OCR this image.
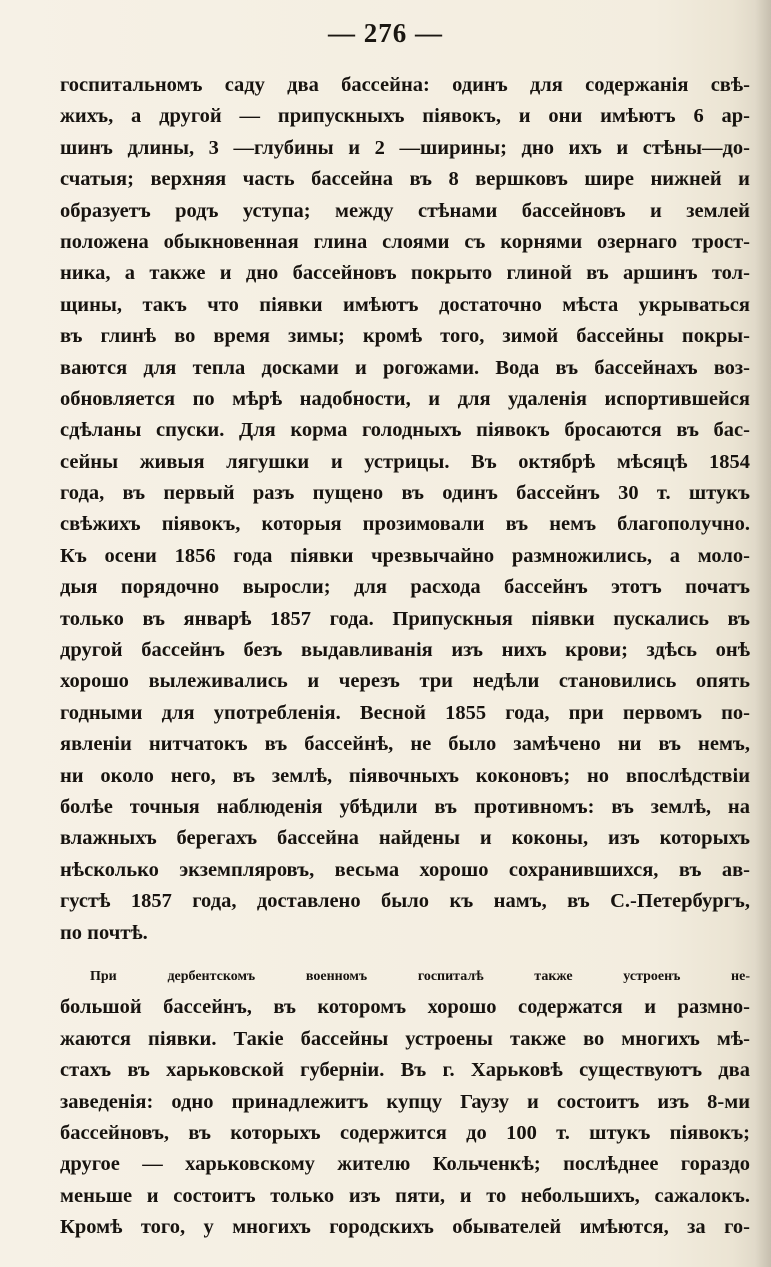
— 276 —
госпитальномъ саду два бассейна: одинъ для содержанія свѣ-
жихъ, а другой — припускныхъ піявокъ, и они имѣютъ 6 ар-
шинъ длины, 3 —глубины и 2 —ширины; дно ихъ и стѣны—до-
счатыя; верхняя часть бассейна въ 8 вершковъ шире нижней и
образуетъ родъ уступа; между стѣнами бассейновъ и землей
положена обыкновенная глина слоями съ корнями озернаго трост-
ника, а также и дно бассейновъ покрыто глиной въ аршинъ тол-
щины, такъ что піявки имѣютъ достаточно мѣста укрываться
въ глинѣ во время зимы; кромѣ того, зимой бассейны покры-
ваются для тепла досками и рогожами. Вода въ бассейнахъ воз-
обновляется по мѣрѣ надобности, и для удаленія испортившейся
сдѣланы спуски. Для корма голодныхъ піявокъ бросаются въ бас-
сейны живыя лягушки и устрицы. Въ октябрѣ мѣсяцѣ 1854
года, въ первый разъ пущено въ одинъ бассейнъ 30 т. штукъ
свѣжихъ піявокъ, которыя прозимовали въ немъ благополучно.
Къ осени 1856 года піявки чрезвычайно размножились, а моло-
дыя порядочно выросли; для расхода бассейнъ этотъ початъ
только въ январѣ 1857 года. Припускныя піявки пускались въ
другой бассейнъ безъ выдавливанія изъ нихъ крови; здѣсь онѣ
хорошо вылеживались и черезъ три недѣли становились опять
годными для употребленія. Весной 1855 года, при первомъ по-
явленіи нитчатокъ въ бассейнѣ, не было замѣчено ни въ немъ,
ни около него, въ землѣ, піявочныхъ коконовъ; но впослѣдствіи
болѣе точныя наблюденія убѣдили въ противномъ: въ землѣ, на
влажныхъ берегахъ бассейна найдены и коконы, изъ которыхъ
нѣсколько экземпляровъ, весьма хорошо сохранившихся, въ ав-
густѣ 1857 года, доставлено было къ намъ, въ С.-Петербургъ,
по почтѣ.
При дербентскомъ военномъ госпиталѣ также устроенъ не-
большой бассейнъ, въ которомъ хорошо содержатся и размно-
жаются піявки. Такіе бассейны устроены также во многихъ мѣ-
стахъ въ харьковской губерніи. Въ г. Харьковѣ существуютъ два
заведенія: одно принадлежитъ купцу Гаузу и состоитъ изъ 8-ми
бассейновъ, въ которыхъ содержится до 100 т. штукъ піявокъ;
другое — харьковскому жителю Кольченкѣ; послѣднее гораздо
меньше и состоитъ только изъ пяти, и то небольшихъ, сажалокъ.
Кромѣ того, у многихъ городскихъ обывателей имѣются, за го-
